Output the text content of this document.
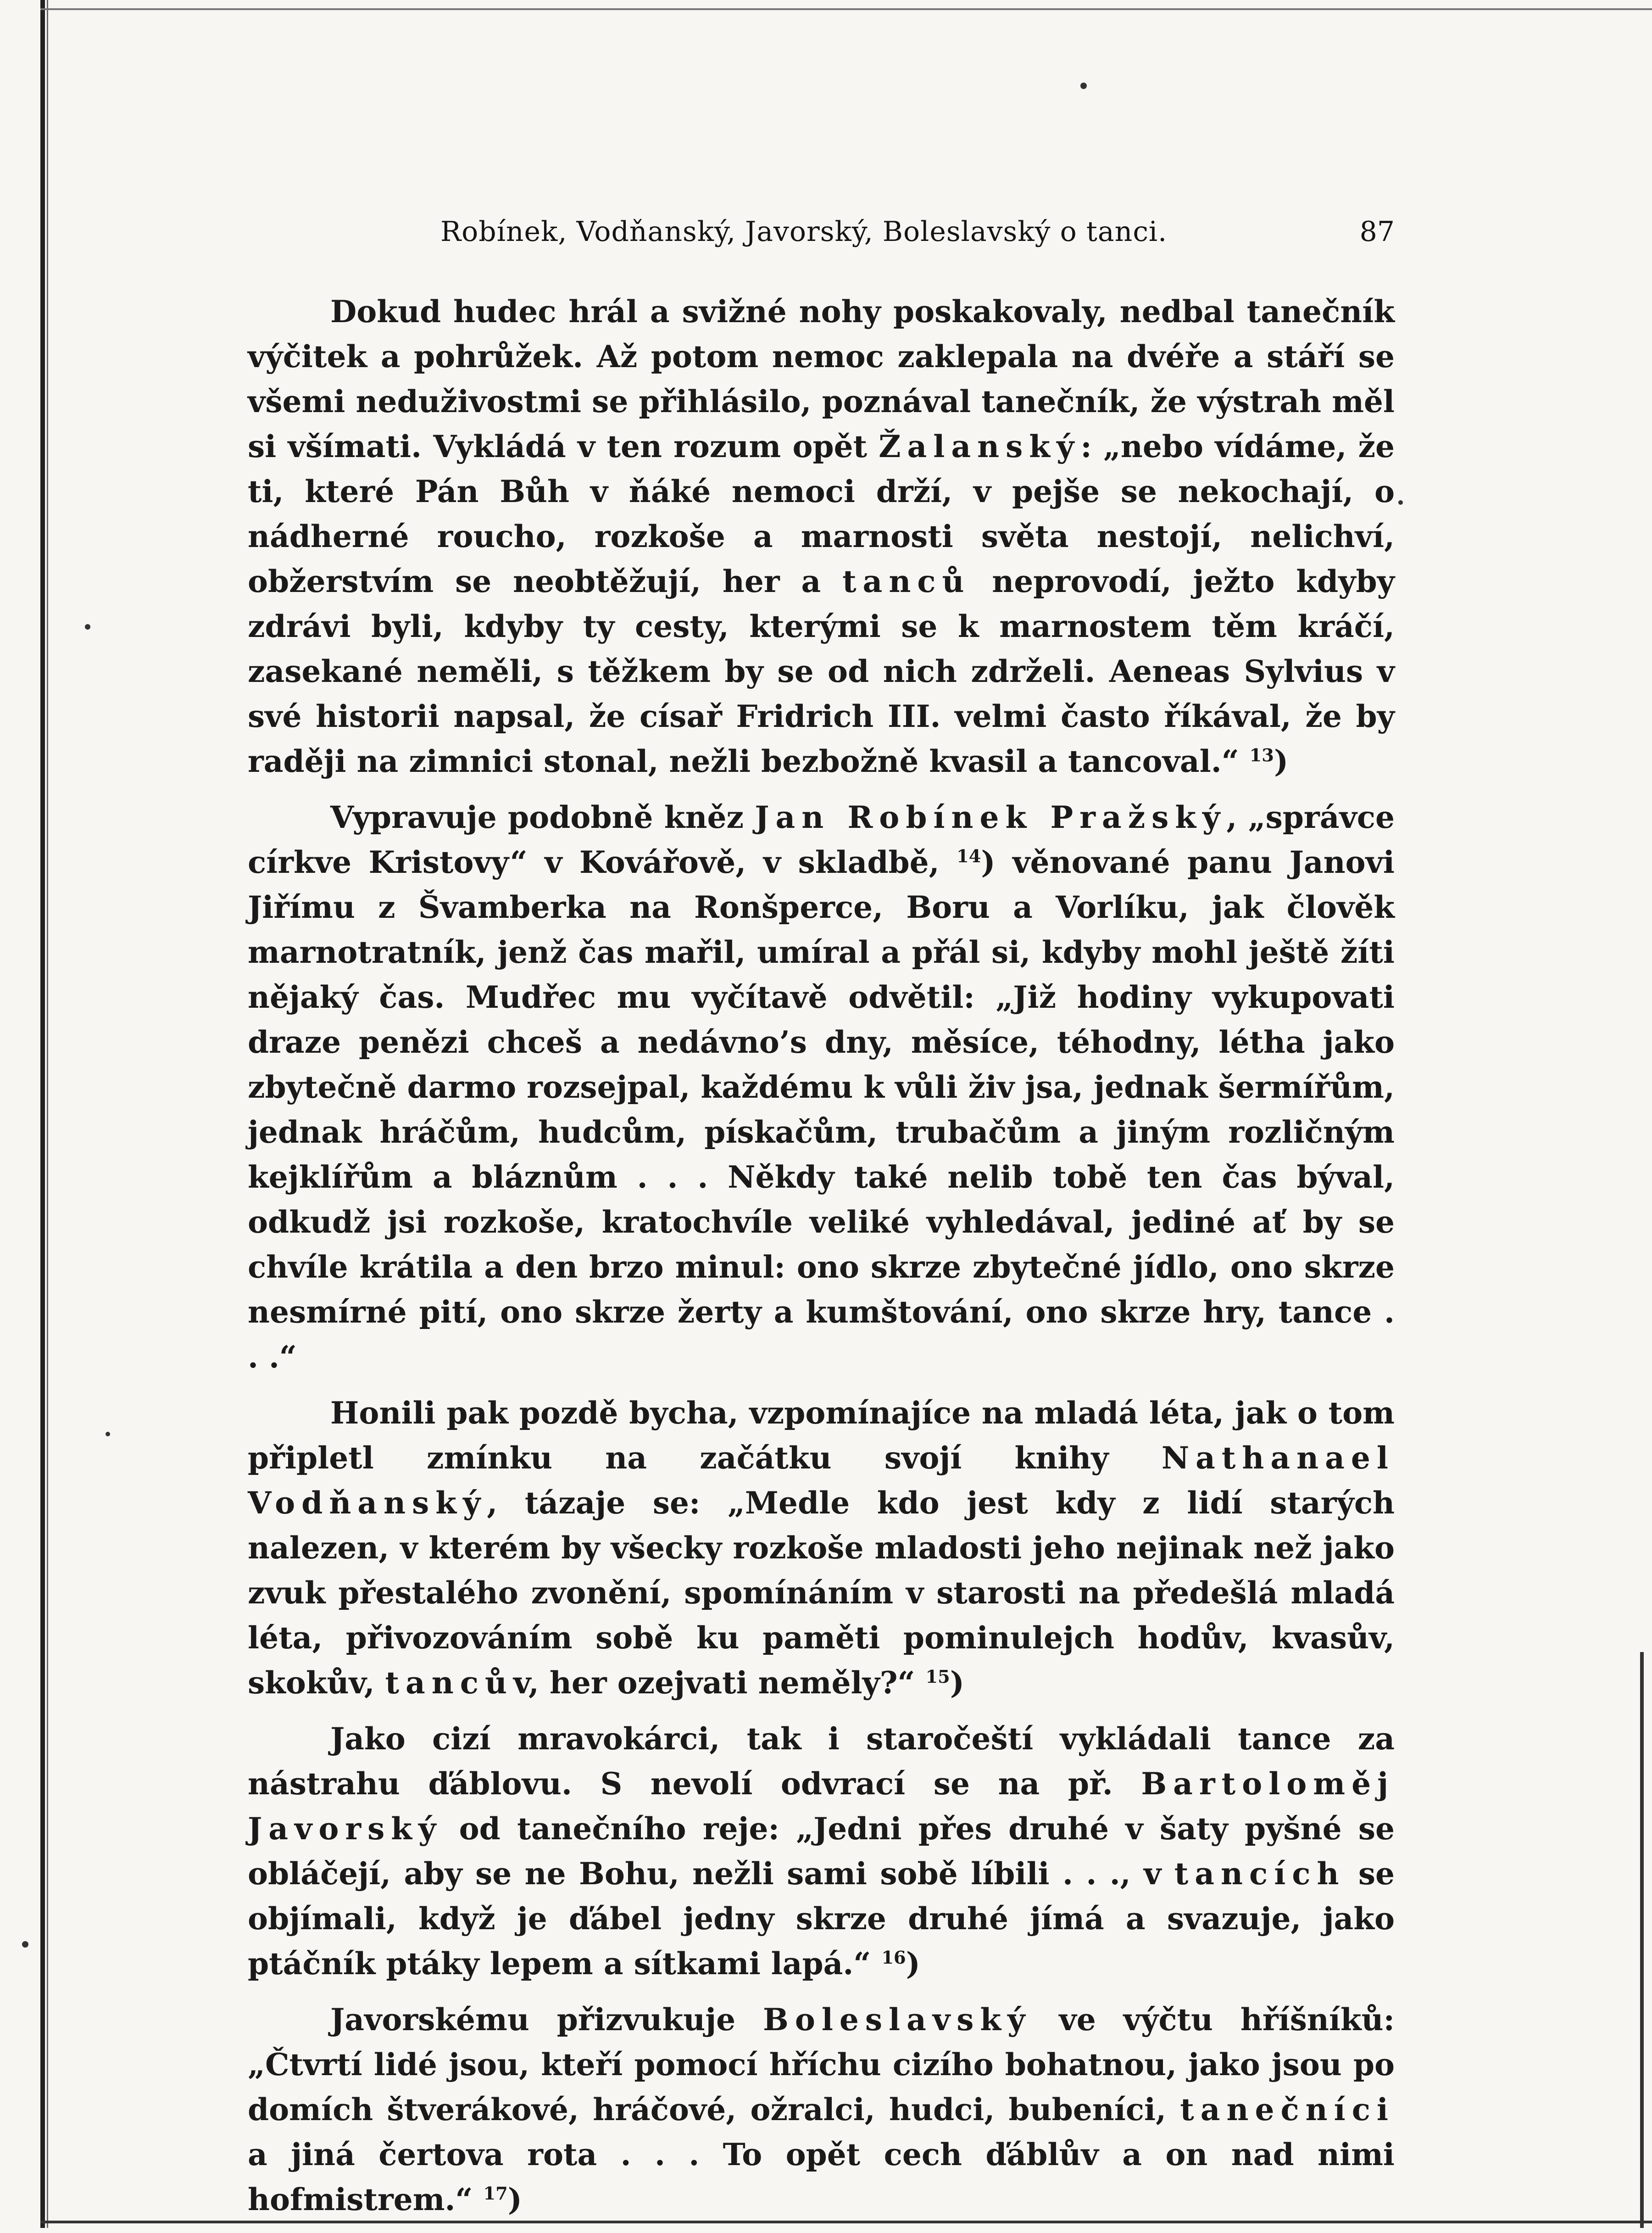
Robínek, Vodňanský, Javorský, Boleslavský o tanci.	87

Dokud hudec hrál a svižné nohy poskakovaly, nedbal tanečník výčitek a pohrůžek. Až potom nemoc zaklepala na dvéře a stáří se všemi neduživostmi se přihlásilo, poznával tanečník, že výstrah měl si všímati. Vykládá v ten rozum opět Žalanský: „nebo vídáme, že ti, které Pán Bůh v ňáké nemoci drží, v pejše se nekochají, o nádherné roucho, rozkoše a marnosti světa nestojí, nelichví, obžerstvím se neobtěžují, her a tanců neprovodí, ježto kdyby zdrávi byli, kdyby ty cesty, kterými se k marnostem těm kráčí, zasekané neměli, s těžkem by se od nich zdrželi. Aeneas Sylvius v své historii napsal, že císař Fridrich III. velmi často říkával, že by raději na zimnici stonal, nežli bezbožně kvasil a tancoval.“ $^{13}$)

Vypravuje podobně kněz Jan Robínek Pražský, „správce církve Kristovy“ v Kovářově, v skladbě, $^{14}$) věnované panu Janovi Jiřímu z Švamberka na Ronšperce, Boru a Vorlíku, jak člověk marnotratník, jenž čas mařil, umíral a přál si, kdyby mohl ještě žíti nějaký čas. Mudřec mu vyčítavě odvětil: „Již hodiny vykupovati draze penězi chceš a nedávno’s dny, měsíce, téhodny, létha jako zbytečně darmo rozsejpal, každému k vůli živ jsa, jednak šermířům, jednak hráčům, hudcům, pískačům, trubačům a jiným rozličným kejklířům a bláznům . . . Někdy také nelib tobě ten čas býval, odkudž jsi rozkoše, kratochvíle veliké vyhledával, jediné ať by se chvíle krátila a den brzo minul: ono skrze zbytečné jídlo, ono skrze nesmírné pití, ono skrze žerty a kumštování, ono skrze hry, tance . . .“

Honili pak pozdě bycha, vzpomínajíce na mladá léta, jak o tom připletl zmínku na začátku svojí knihy Nathanael Vodňanský, tázaje se: „Medle kdo jest kdy z lidí starých nalezen, v kterém by všecky rozkoše mladosti jeho nejinak než jako zvuk přestalého zvonění, spomínáním v starosti na předešlá mladá léta, přivozováním sobě ku paměti pominulejch hodův, kvasův, skokův, tancův, her ozejvati neměly?“ $^{15}$)

Jako cizí mravokárci, tak i staročeští vykládali tance za nástrahu ďáblovu. S nevolí odvrací se na př. Bartoloměj Javorský od tanečního reje: „Jedni přes druhé v šaty pyšné se obláčejí, aby se ne Bohu, nežli sami sobě líbili . . ., v tancích se objímali, když je ďábel jedny skrze druhé jímá a svazuje, jako ptáčník ptáky lepem a sítkami lapá.“ $^{16}$)

Javorskému přizvukuje Boleslavský ve výčtu hříšníků: „Čtvrtí lidé jsou, kteří pomocí hříchu cizího bohatnou, jako jsou po domích štverákové, hráčové, ožralci, hudci, bubeníci, tanečníci a jiná čertova rota . . . To opět cech ďáblův a on nad nimi hofmistrem.“ $^{17}$)
